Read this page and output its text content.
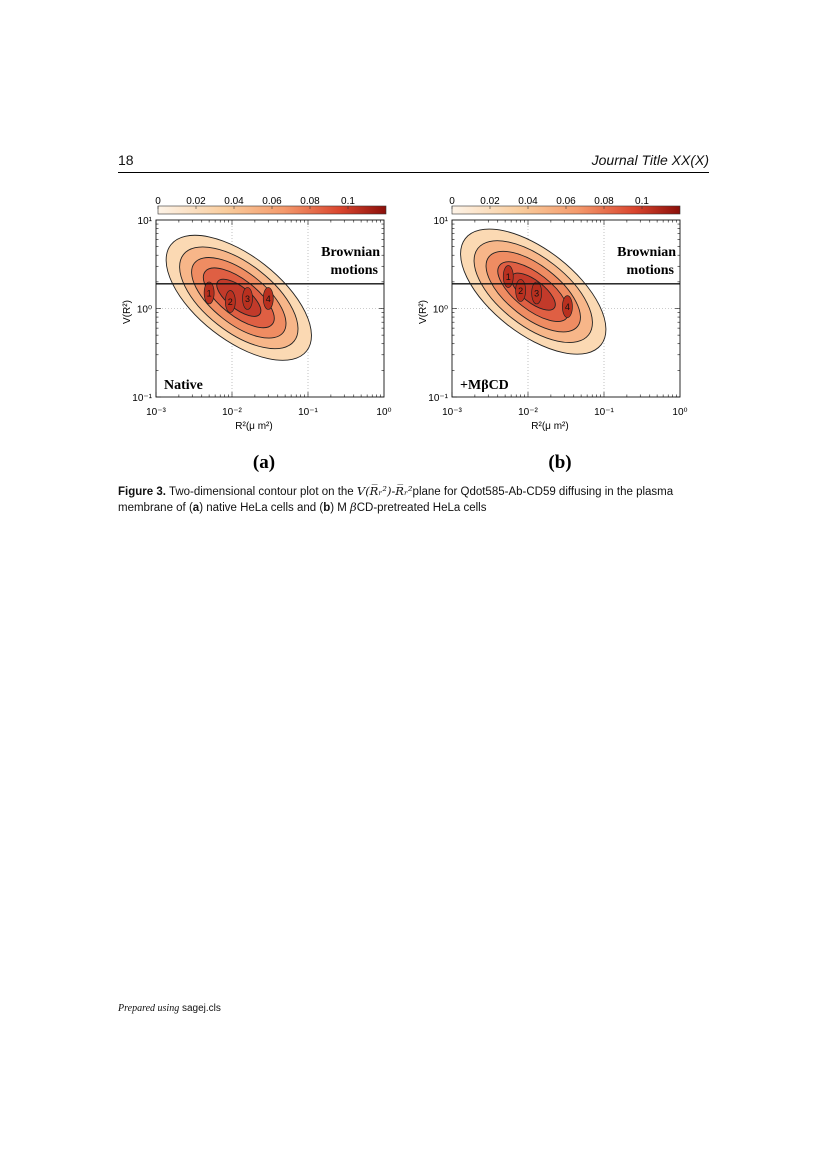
18	Journal Title XX(X)
0	0.02 0.04 0.06 0.08 0.1
1
2 3 4
Brownian
motions
Native
10⁻³	10⁻²	10⁻¹	10⁰
10¹
10⁰
10⁻¹
R²(μ m²)
V(R²)
(a)
0	0.02 0.04 0.06 0.08 0.1
1
2 3
4
Brownian
motions
+MβCD
10⁻³	10⁻²	10⁻¹	10⁰
10¹
10⁰
10⁻¹
R²(μ m²)
V(R²)
(b)
Figure 3. Two-dimensional contour plot on the V(R̅ᵣ²)-R̅ᵣ²plane for Qdot585-Ab-CD59 diffusing in the plasma membrane of (a) native HeLa cells and (b) M βCD-pretreated HeLa cells
Prepared using sagej.cls
